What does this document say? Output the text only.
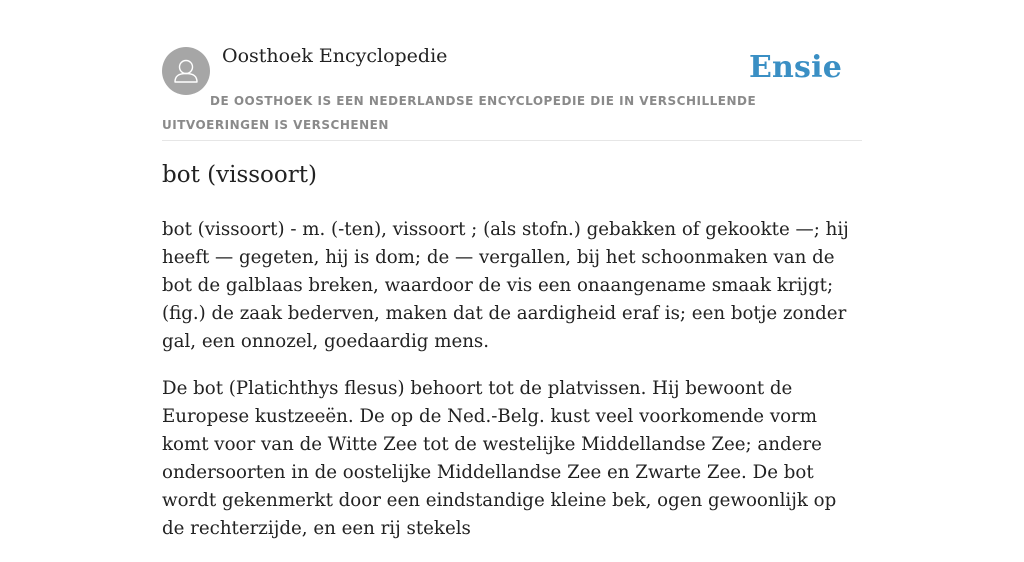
Oosthoek Encyclopedie	Ensie
DE OOSTHOEK IS EEN NEDERLANDSE ENCYCLOPEDIE DIE IN VERSCHILLENDE UITVOERINGEN IS VERSCHENEN
bot (vissoort)

bot (vissoort) - m. (-ten), vissoort ; (als stofn.) gebakken of gekookte —; hij heeft — gegeten, hij is dom; de — vergallen, bij het schoonmaken van de bot de galblaas breken, waardoor de vis een onaangename smaak krijgt; (fig.) de zaak bederven, maken dat de aardigheid eraf is; een botje zonder gal, een onnozel, goedaardig mens.

De bot (Platichthys flesus) behoort tot de platvissen. Hij bewoont de Europese kustzeeën. De op de Ned.-Belg. kust veel voorkomende vorm komt voor van de Witte Zee tot de westelijke Middellandse Zee; andere ondersoorten in de oostelijke Middellandse Zee en Zwarte Zee. De bot wordt gekenmerkt door een eindstandige kleine bek, ogen gewoonlijk op de rechterzijde, en een rij stekels
